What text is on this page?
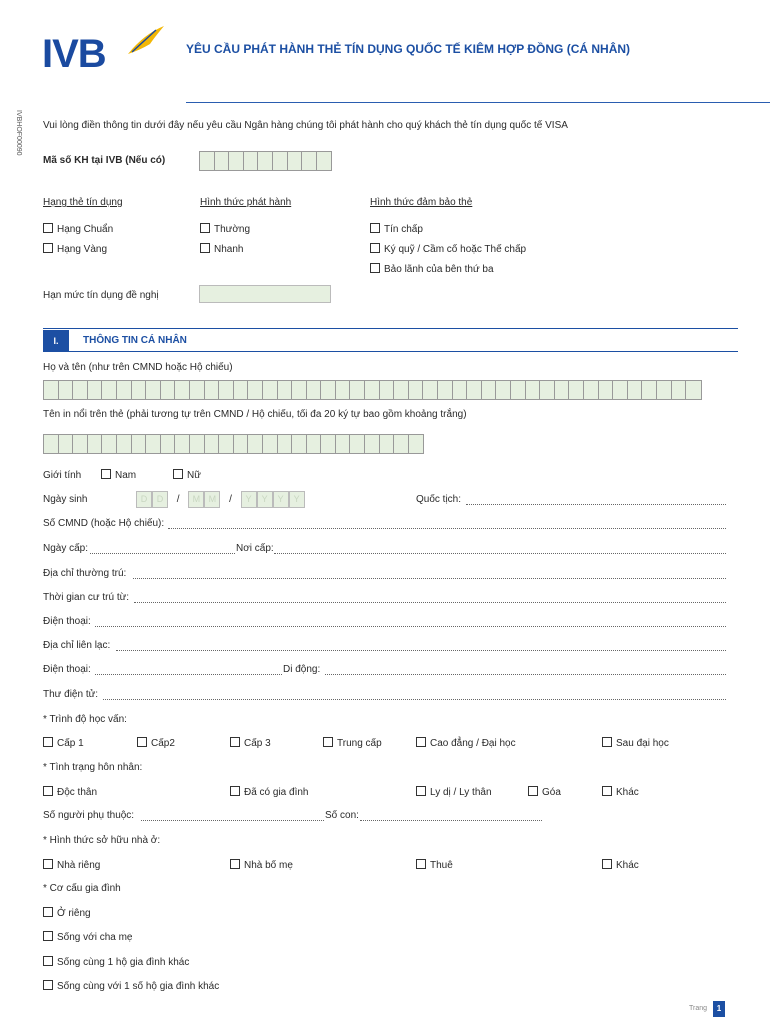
IVB	YÊU CẦU PHÁT HÀNH THẺ TÍN DỤNG QUỐC TẾ KIÊM HỢP ĐỒNG (CÁ NHÂN)
IVBHOF00090 Vui lòng điền thông tin dưới đây nếu yêu cầu Ngân hàng chúng tôi phát hành cho quý khách thẻ tín dụng quốc tế VISA
Mã số KH tại IVB (Nếu có)
Hạng thẻ tín dụng
Hạng Chuẩn
Hạng Vàng
Hình thức phát hành
Thường
Nhanh
Hình thức đảm bảo thẻ
Tín chấp
Ký quỹ / Cầm cố hoặc Thế chấp
Bảo lãnh của bên thứ ba
Hạn mức tín dụng đề nghị
I.	THÔNG TIN CÁ NHÂN
Họ và tên (như trên CMND hoặc Hộ chiếu)
Tên in nổi trên thẻ (phải tương tự trên CMND / Hộ chiếu, tối đa 20 ký tự bao gồm khoảng trắng)
Giới tính	Nam	Nữ
Ngày sinh	D D / M M / Y Y Y Y	Quốc tịch:
Số CMND (hoặc Hộ chiếu):
Ngày cấp:	Nơi cấp:
Địa chỉ thường trú:
Thời gian cư trú từ:
Điện thoại:
Địa chỉ liên lạc:
Điện thoại:	Di động:
Thư điện tử:
* Trình độ học vấn:
Cấp 1	Cấp2	Cấp 3	Trung cấp	Cao đẳng / Đại học	Sau đại học
* Tình trạng hôn nhân:
Độc thân	Đã có gia đình	Ly dị / Ly thân	Góa	Khác
Số người phụ thuộc:	Số con:
* Hình thức sở hữu nhà ở:
Nhà riêng	Nhà bố mẹ	Thuê	Khác
* Cơ cấu gia đình
Ở riêng
Sống với cha mẹ
Sống cùng 1 hộ gia đình khác
Sống cùng với 1 số hộ gia đình khác
Trang	1
